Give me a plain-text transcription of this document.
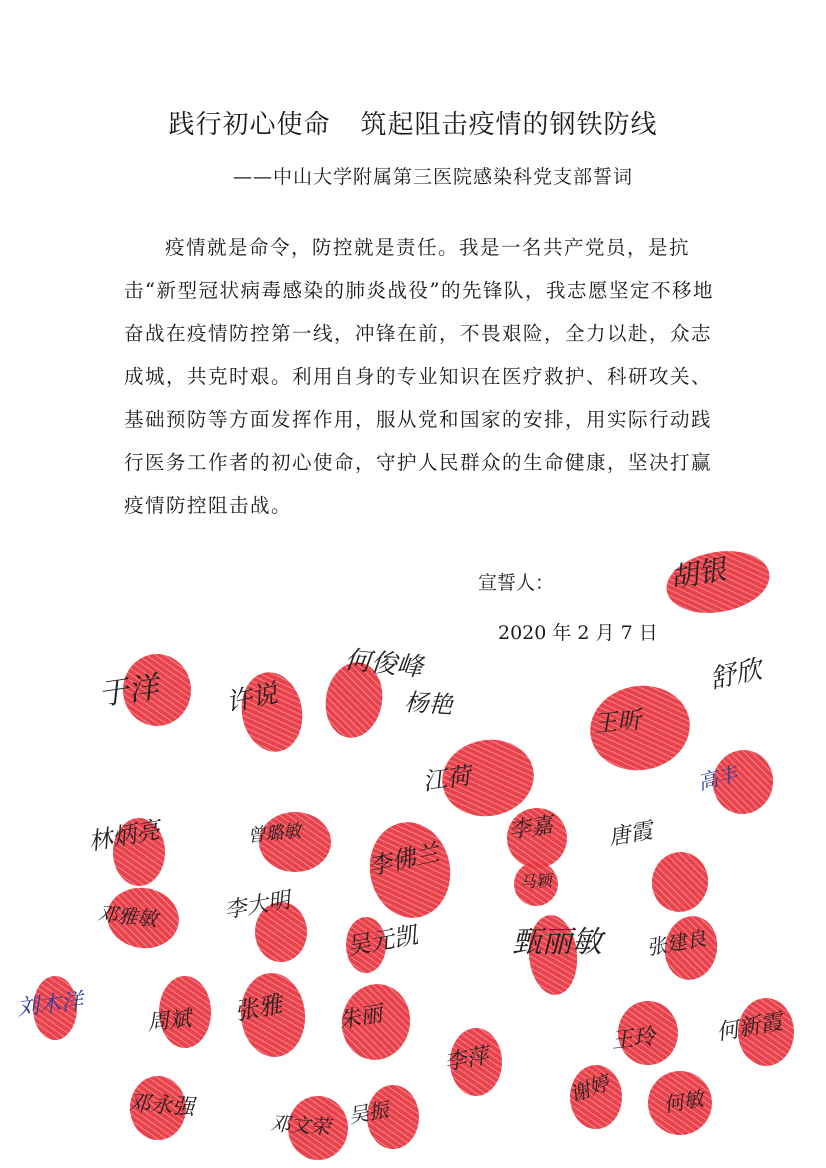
践行初心使命 筑起阻击疫情的钢铁防线
——中山大学附属第三医院感染科党支部誓词

疫情就是命令，防控就是责任。我是一名共产党员，是抗击“新型冠状病毒感染的肺炎战役”的先锋队，我志愿坚定不移地奋战在疫情防控第一线，冲锋在前，不畏艰险，全力以赴，众志成城，共克时艰。利用自身的专业知识在医疗救护、科研攻关、基础预防等方面发挥作用，服从党和国家的安排，用实际行动践行医务工作者的初心使命，守护人民群众的生命健康，坚决打赢疫情防控阻击战。

宣誓人：
2020 年 2 月 7 日
于洋 许说
何俊峰
杨艳
胡银
舒欣
王昕
高丰
林炳亮	曾璐敏
李佛兰
江荷
李嘉 唐霞
马颖
邓雅敏	李大明
吴元凯	甄丽敏 张建良
刘木洋
周斌 张雅 朱丽
王玲	何新霞
邓永强
邓文荣
李萍
吴振
谢婷 何敏
